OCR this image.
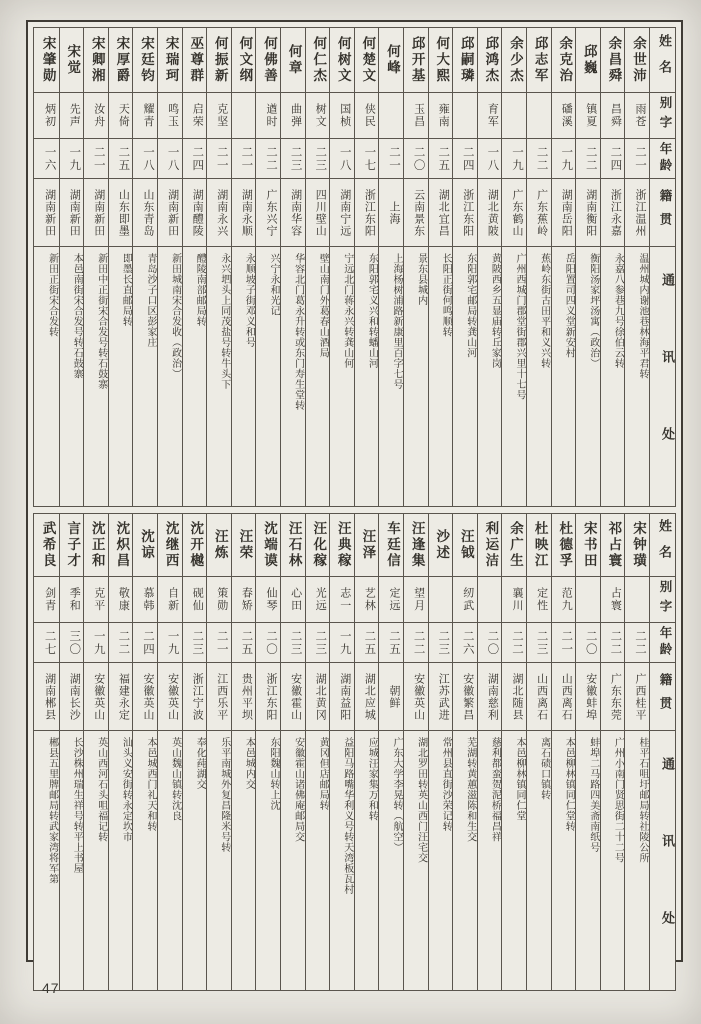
宋肇勋
炳初
一六
湖南新田
新田正街宋合发转
宋觉
先声
一九
湖南新田
本邑南街宋合发号转石鼓寨
宋卿湘
汝舟
二一
湖南新田
新田中正街宋合发号转石鼓寨
宋厚爵
天倚
二五
山东即墨
即墨长直邮局转
宋廷钧
耀青
一八
山东青岛
青岛沙子口区彭家庄
宋瑞珂
鸣玉
一八
湖南新田
新田城南宋合发收（政治）
巫尊群
启荣
二四
湖南醴陵
醴陵南部邮局转
何振新
克坚
二一
湖南永兴
永兴垇头上同茂盐号转牛头下
何文纲
二一
湖南永顺
永顺坡子街邓义和号
何佛善
遒时
二二
广东兴宁
兴宁永和光记
何章
曲弹
二三
湖南华容
华容北门葛永升转或东门寿生堂转
何仁杰
树文
二三
四川壁山
壁山南门外葛春山酒局
何树文
国桢
一八
湖南宁远
宁远北门蒋永兴转龚山何
何楚文
侠民
一七
浙江东阳
东阳郭宅义兴和转蟠山河
何峰
二一
上海
上海杨树浦路新康里百字七号
邱开基
玉昌
二〇
云南景东
景东县城内
何大熙
雍南
二五
湖北宜昌
长阳正街何鸣顺转
邱嗣璘
二四
浙江东阳
东阳郭宅邮局转龚山河
邱鸿杰
育军
一八
湖北黄陂
黄陂西乡五显庙转丘家岗
余少杰
一九
广东鹤山
广州西城门郡堂街郡兴里十七号
邱志军
二二
广东蕉岭
蕉岭东街古田平和义兴转
余克治
磻溪
一九
湖南岳阳
岳阳置司四义堂新安村
邱巍
镇夏
二二
湖南衡阳
衡阳汤家坪汤寓（政治）
余昌舜
昌舜
二四
浙江永嘉
永嘉八参巷九号徐伯云转
余世沛
雨苍
二一
浙江温州
温州城内谢池巷林海平君转
姓名
别字
年龄
籍贯
通讯处
武希良
剑青
二七
湖南郴县
郴县五里牌邮局转武家湾将军第
言子才
季和
三〇
湖南长沙
长沙株州瑞生祥号转平上书屋
沈正和
克平
一九
安徽英山
英山西河石头咀福记转
沈炽昌
敬康
二二
福建永定
汕头义安街转永定坎市
沈谅
慕韩
二四
安徽英山
本邑城西门礼天和转
沈继西
自新
一九
安徽英山
英山魏山镇转沈良
沈开樾
砚仙
二三
浙江宁波
奉化莼湖交
汪炼
策勋
二一
江西乐平
乐平南城外复昌隆米号转
汪荣
春矫
二五
贵州平坝
本邑城内交
沈端谟
仙琴
二〇
浙江东阳
东阳魏山转上沈
汪石林
心田
二三
安徽霍山
安徽霍山诸佛庵邮局交
汪化稼
光远
二三
湖北黄冈
黄冈但店邮局转
汪典稼
志一
一九
湖南益阳
益阳马路嘴华利义号转天湾板瓦村
汪泽
艺林
二五
湖北应城
应城汪家集万和转
车廷信
定远
二五
朝鲜
广东大学李晃转（航空）
汪逢集
望月
二二
安徽英山
湖北罗田转英山西门汪宅交
沙述
二三
江苏武进
常州县直街沙荣记转
汪钺
纫武
二六
安徽繁昌
芜湖转黄蕙滋陈和生交
利运洁
二〇
湖南慈利
慈利都蛮贺泥桥福昌祥
余广生
襄川
二二
湖北随县
本邑柳林镇同仁堂
杜映江
定性
二三
山西离石
离石碛口镇转
杜德孚
范九
二一
山西离石
本邑柳林镇同仁堂转
宋书田
二〇
安徽蚌埠
蚌埠二马路四美斋南纸号
祁占寰
占寰
二二
广东东莞
广州小南门贤思街二十二号
宋钟璜
二二
广西桂平
桂平石咀圩邮局转社陵公所
姓名
别字
年龄
籍贯
通讯处
47
